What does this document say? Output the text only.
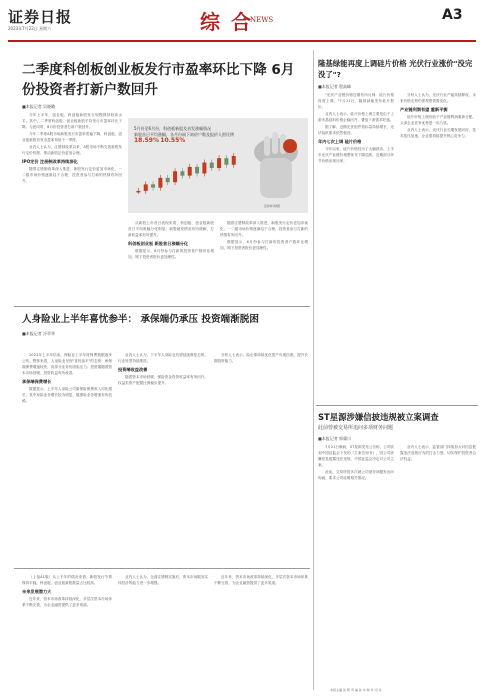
证券日报
2023年7月22日 星期六	综 合
NEWS	A3
二季度科创板创业板发行市盈率环比下降 6月份投资者打新户数回升
■本报记者 吴晓璐

今年上半年，创业板、科创板新股发行规模保持较高水平。其中，二季度科创板、创业板新股平均发行市盈率环比下降。与此同时，6月份投资者打新户数回升。

今年二季度A股市场新股发行市盈率普遍下降，科创板、创业板新股首发市盈率均低于一季度。

业内人士认为，注册制改革以来，A股市场不断完善新股发行定价机制，推动新股定价更加合理。

IPO定价 注册制改革持续深化

随着注册制改革深入推进，新股发行定价更加市场化，一二级市场价格逐渐趋于合理，投资者参与打新的热情有所回升。

5月份至6月份，科创板新股及首发涨幅情况
新股首日平均涨幅，各月份网下询价户数及报价入围比例
18.59% 10.55%
张彬彬/制图

从新股上市首日表现来看，科创板、创业板新股首日平均涨幅分化明显。新股破发情况有所缓解，打新收益率有所提升。

科创板创业板 新股首日涨幅分化

数据显示，6月份参与打新的投资者户数环比增加，网下投资者报价更加理性。

随着注册制改革深入推进，新股发行定价更加市场化，一二级市场价格逐渐趋于合理，投资者参与打新的热情有所回升。

数据显示，6月份参与打新的投资者户数环比增加，网下投资者报价更加理性。

隆基绿能再度上调硅片价格 光伏行业涨价"没完没了"?
■本报记者 殷高峰

"光伏产业链价格近期有所反弹，硅片价格再度上调。"7月21日，隆基绿能发布硅片报价。

业内人士表示，硅片价格上调主要是由于上游多晶硅料价格企稳回升，叠加下游需求旺盛。

据了解，近期光伏组件招标量持续增长，光伏装机需求依然强劲。

年内七次上调 硅片价格

今年以来，硅片价格经历了大幅波动。上半年光伏产业链价格整体呈下降趋势，近期部分环节价格出现反弹。

分析人士认为，光伏行业产能持续释放，未来价格走势仍需观察供需变化。

产业链利润有望 重新平衡

硅片价格上调有助于产业链利润重新分配，头部企业竞争优势进一步凸显。

业内人士表示，光伏行业长期发展向好，技术迭代加速，企业需持续提升核心竞争力。

人身险业上半年喜忧参半： 承保端仍承压 投资端渐脱困
■本报记者 冷翠华

2023年上半年结束，保险业上半年度保费数据逐步公布。整体来看，人身险业呈现"喜忧参半"的态势：承保端保费增速较快，但部分业务仍面临压力；投资端随着资本市场回暖，投资收益有所改善。

承保端保费增长

数据显示，上半年人身险公司原保险保费收入同比增长，其中寿险业务增长较为明显，健康险业务增速有所放缓。

业内人士认为，下半年人身险业有望延续修复态势，行业转型持续推进。

投资端收益改善

随着资本市场回暖，保险资金投资收益率有所回升，权益类资产配置比例稳步提升。

分析人士表示，险企需持续优化资产负债匹配，提升长期投资能力。

ST星源涉嫌信披违规被立案调查
此前曾被交易所追问多项财务问题
■本报记者 郭冀川

7月21日晚间，ST星源发布公告称，公司收到中国证监会下发的《立案告知书》，因公司涉嫌信息披露违法违规，中国证监会决定对公司立案。

此前，交易所曾多次就公司财务问题发出问询函，要求公司说明相关情况。

业内人士表示，监管部门持续加大对信息披露违法违规行为的打击力度，切实保护投资者合法权益。

（上接A1版）从上半年的情况来看，新股发行节奏保持平稳，科创板、创业板新股数量占比较高。

未来发展潜力大

近年来，资本市场改革持续深化，多层次资本市场体系不断完善，为企业融资提供了更多渠道。

业内人士认为，全面注册制实施后，资本市场服务实体经济的能力进一步增强。

近年来，资本市场改革持续深化，多层次资本市场体系不断完善，为企业融资提供了更多渠道。

本版主编 沈 明 责 编 孙 华 制 作 闫 亮
